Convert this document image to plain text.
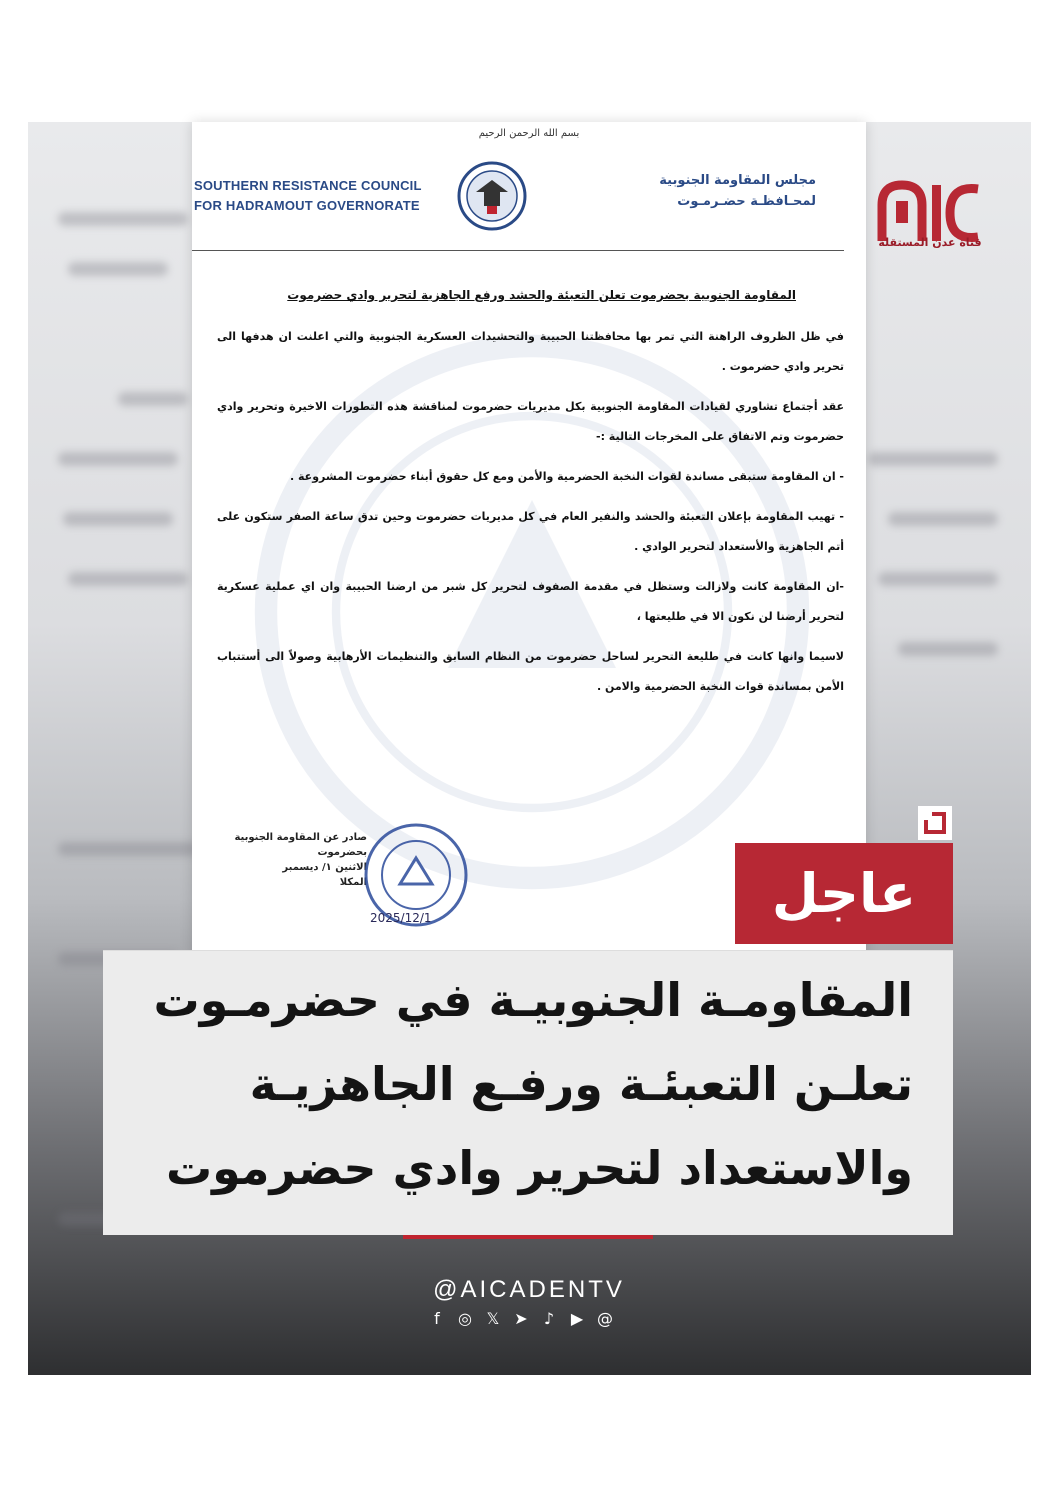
بسم الله الرحمن الرحيم
SOUTHERN RESISTANCE COUNCIL
FOR HADRAMOUT GOVERNORATE
مجلس المقاومة الجنوبية
لمحـافظـة حضـرمـوت
المقاومة الجنوبية بحضرموت تعلن التعبئة والحشد ورفع الجاهزية لتحرير وادي حضرموت

في ظل الظروف الراهنة التي تمر بها محافظتنا الحبيبة والتحشيدات العسكرية الجنوبية والتي اعلنت ان هدفها الى تحرير وادي حضرموت .

عقد أجتماع تشاوري لقيادات المقاومة الجنوبية بكل مديريات حضرموت لمناقشة هذه التطورات الاخيرة وتحرير وادي حضرموت وتم الاتفاق على المخرجات التالية :-

- ان المقاومة ستبقى مساندة لقوات النخبة الحضرمية والأمن ومع كل حقوق أبناء حضرموت المشروعة .

- تهيب المقاومة بإعلان التعبئة والحشد والنفير العام في كل مديريات حضرموت وحين تدق ساعة الصفر ستكون على أتم الجاهزية والأستعداد لتحرير الوادي .

-ان المقاومة كانت ولازالت وستظل في مقدمة الصفوف لتحرير كل شبر من ارضنا الحبيبة وان اي عملية عسكرية لتحرير أرضنا لن نكون الا في طليعتها ،

لاسيما وانها كانت في طليعة التحرير لساحل حضرموت من النظام السابق والتنظيمات الأرهابية وصولاً الى أستتباب الأمن بمساندة قوات النخبة الحضرمية والامن .

صادر عن المقاومة الجنوبية بحضرموت
الاثنين ١/ ديسمبر
المكلا
2025/12/1
قناة عدن المستقلة
عاجل
المقاومـة الجنوبيـة في حضرمـوت
تعلـن التعبئـة ورفـع الجاهزيـة
والاستعداد لتحرير وادي حضرموت
@AICADENTV
f	◎ 𝕏 ➤	♪	▶ @
